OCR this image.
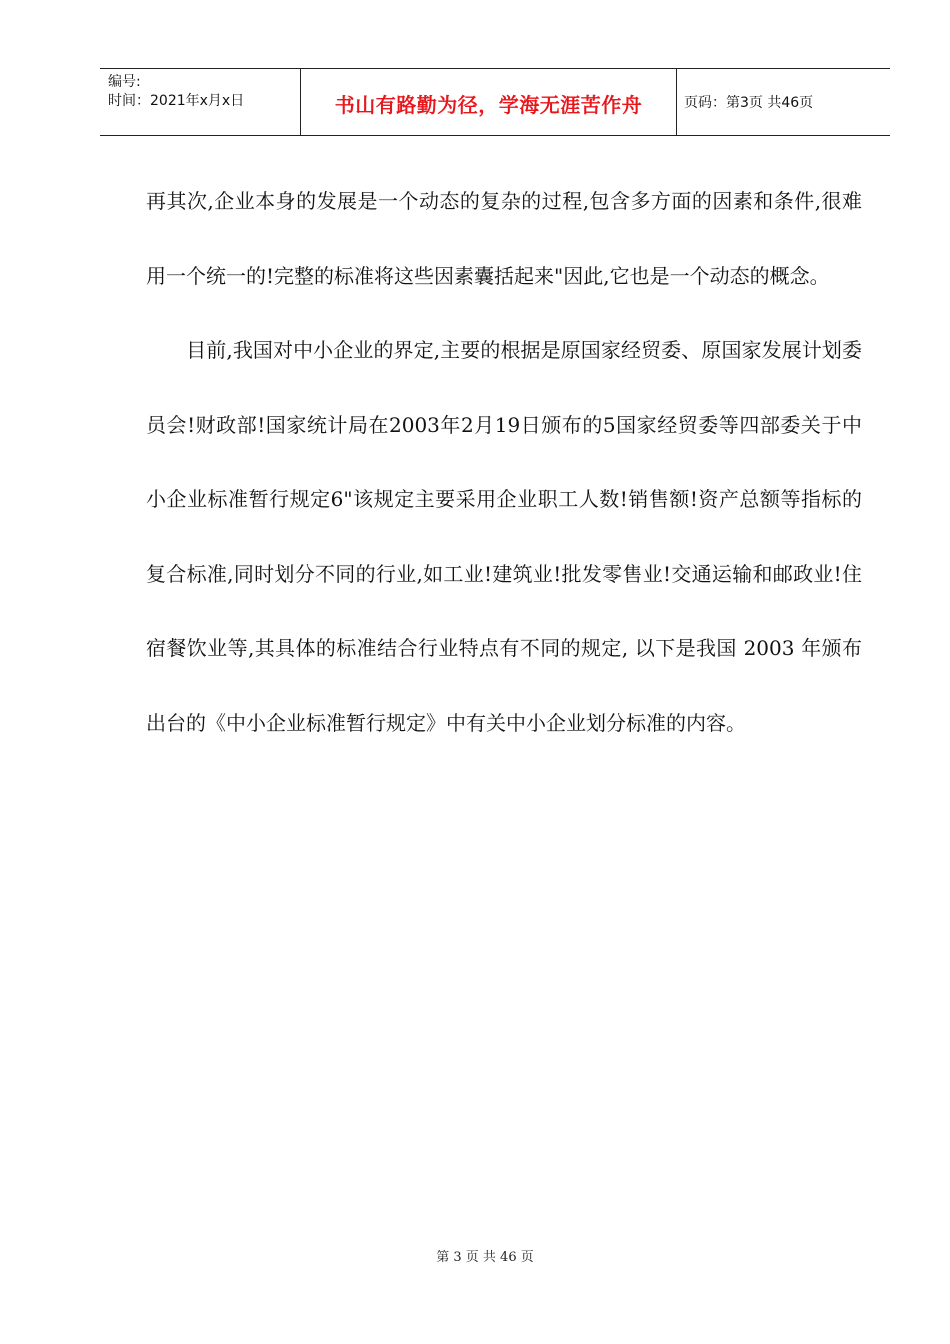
编号:
时间：2021年x月x日	书山有路勤为径，学海无涯苦作舟	页码：第3页 共46页

再其次,企业本身的发展是一个动态的复杂的过程,包含多方面的因素和条件,很难用一个统一的!完整的标准将这些因素囊括起来"因此,它也是一个动态的概念。

　　目前,我国对中小企业的界定,主要的根据是原国家经贸委、原国家发展计划委员会!财政部!国家统计局在2003年2月19日颁布的5国家经贸委等四部委关于中小企业标准暂行规定6"该规定主要采用企业职工人数!销售额!资产总额等指标的复合标准,同时划分不同的行业,如工业!建筑业!批发零售业!交通运输和邮政业!住宿餐饮业等,其具体的标准结合行业特点有不同的规定, 以下是我国 2003 年颁布出台的《中小企业标准暂行规定》中有关中小企业划分标准的内容。

第 3 页 共 46 页
